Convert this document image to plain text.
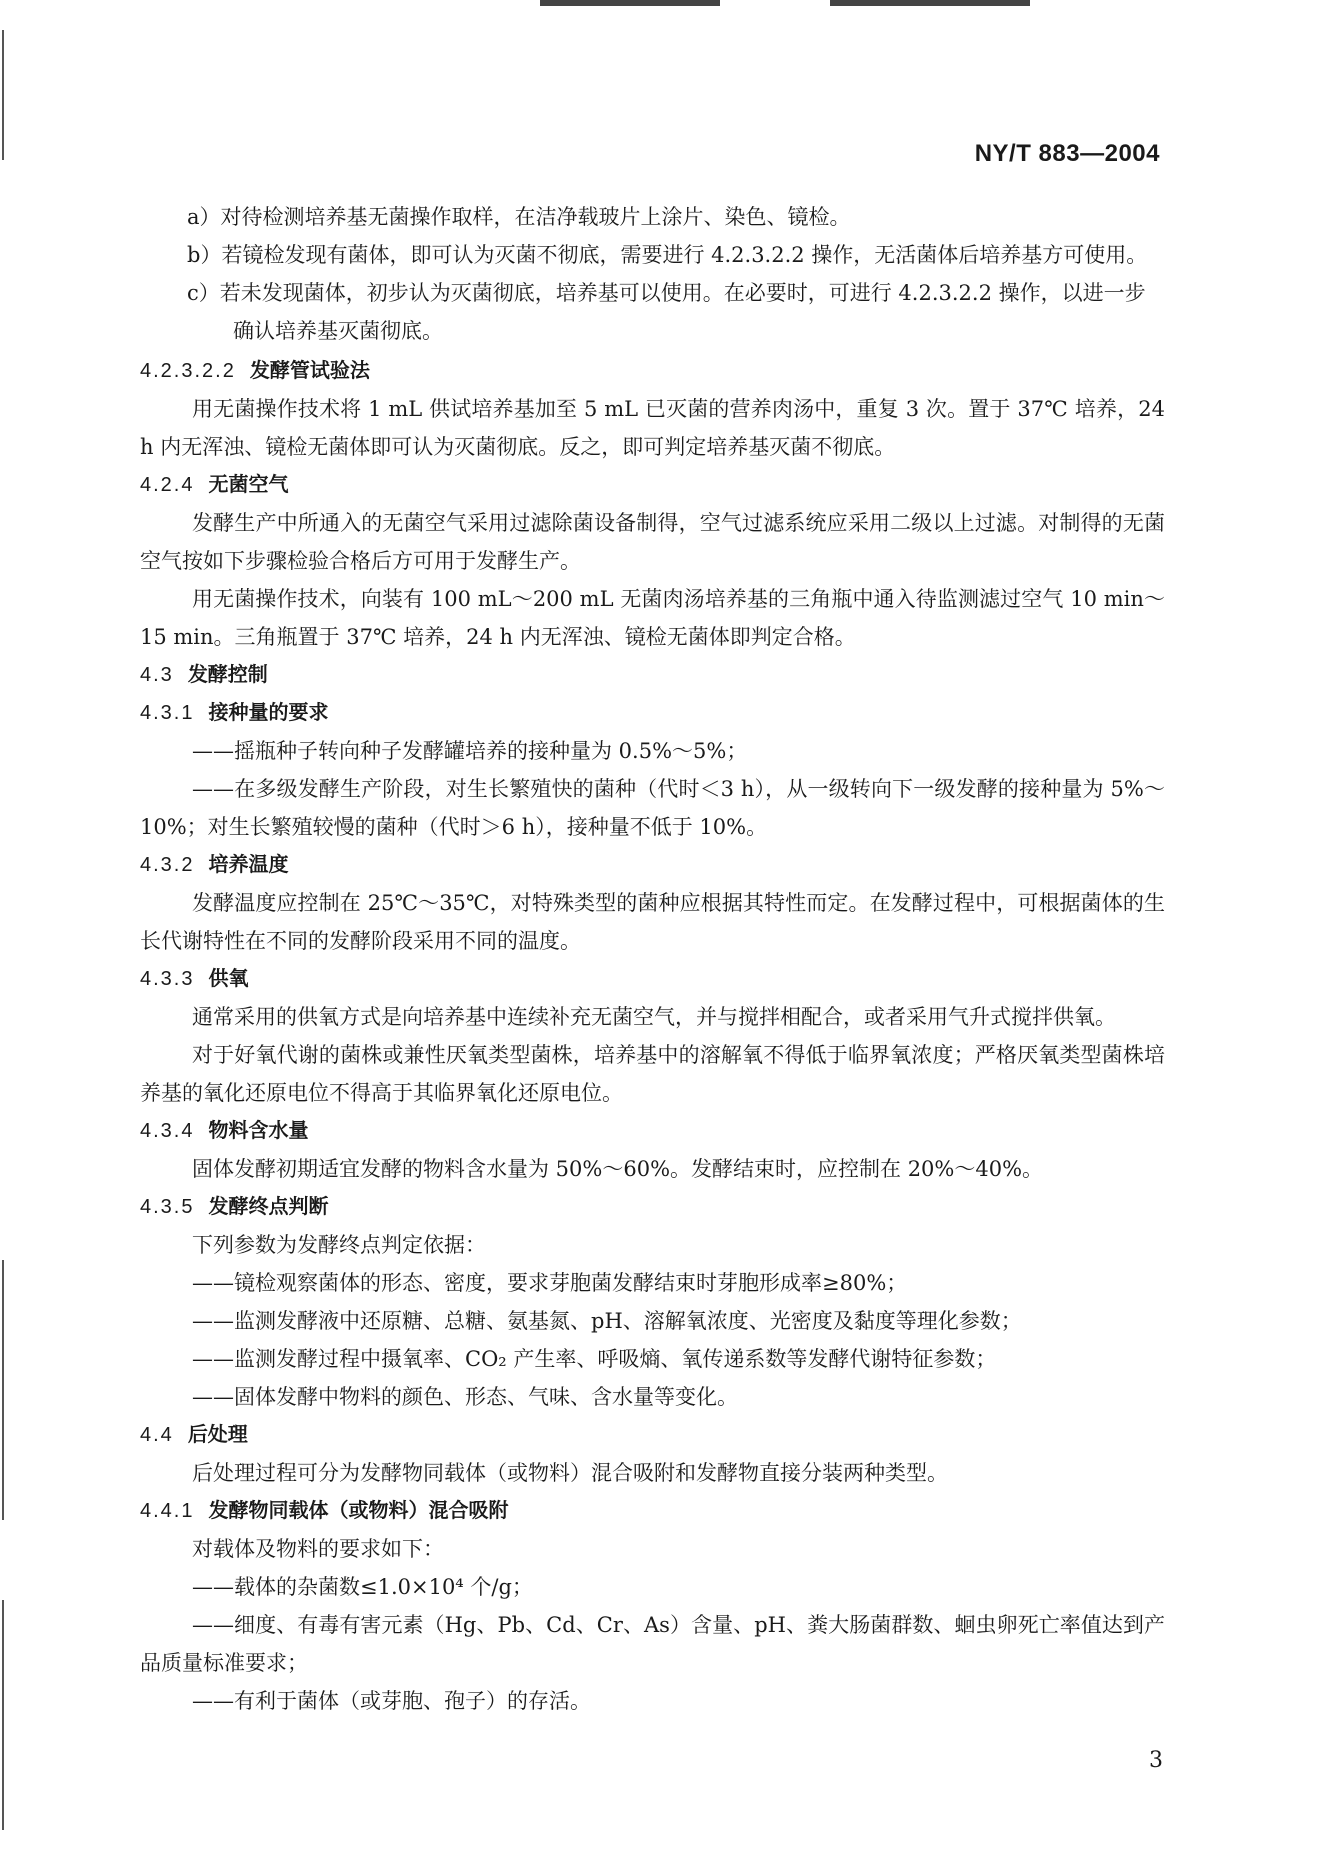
NY/T 883—2004
a）对待检测培养基无菌操作取样，在洁净载玻片上涂片、染色、镜检。
b）若镜检发现有菌体，即可认为灭菌不彻底，需要进行 4.2.3.2.2 操作，无活菌体后培养基方可使用。
c）若未发现菌体，初步认为灭菌彻底，培养基可以使用。在必要时，可进行 4.2.3.2.2 操作，以进一步确认培养基灭菌彻底。
4.2.3.2.2 发酵管试验法
用无菌操作技术将 1 mL 供试培养基加至 5 mL 已灭菌的营养肉汤中，重复 3 次。置于 37℃ 培养，24 h 内无浑浊、镜检无菌体即可认为灭菌彻底。反之，即可判定培养基灭菌不彻底。
4.2.4 无菌空气
发酵生产中所通入的无菌空气采用过滤除菌设备制得，空气过滤系统应采用二级以上过滤。对制得的无菌空气按如下步骤检验合格后方可用于发酵生产。
用无菌操作技术，向装有 100 mL～200 mL 无菌肉汤培养基的三角瓶中通入待监测滤过空气 10 min～15 min。三角瓶置于 37℃ 培养，24 h 内无浑浊、镜检无菌体即判定合格。
4.3 发酵控制
4.3.1 接种量的要求
——摇瓶种子转向种子发酵罐培养的接种量为 0.5%～5%；
——在多级发酵生产阶段，对生长繁殖快的菌种（代时＜3 h），从一级转向下一级发酵的接种量为 5%～10%；对生长繁殖较慢的菌种（代时＞6 h），接种量不低于 10%。
4.3.2 培养温度
发酵温度应控制在 25℃～35℃，对特殊类型的菌种应根据其特性而定。在发酵过程中，可根据菌体的生长代谢特性在不同的发酵阶段采用不同的温度。
4.3.3 供氧
通常采用的供氧方式是向培养基中连续补充无菌空气，并与搅拌相配合，或者采用气升式搅拌供氧。
对于好氧代谢的菌株或兼性厌氧类型菌株，培养基中的溶解氧不得低于临界氧浓度；严格厌氧类型菌株培养基的氧化还原电位不得高于其临界氧化还原电位。
4.3.4 物料含水量
固体发酵初期适宜发酵的物料含水量为 50%～60%。发酵结束时，应控制在 20%～40%。
4.3.5 发酵终点判断
下列参数为发酵终点判定依据：
——镜检观察菌体的形态、密度，要求芽胞菌发酵结束时芽胞形成率≥80%；
——监测发酵液中还原糖、总糖、氨基氮、pH、溶解氧浓度、光密度及黏度等理化参数；
——监测发酵过程中摄氧率、CO₂ 产生率、呼吸熵、氧传递系数等发酵代谢特征参数；
——固体发酵中物料的颜色、形态、气味、含水量等变化。
4.4 后处理
后处理过程可分为发酵物同载体（或物料）混合吸附和发酵物直接分装两种类型。
4.4.1 发酵物同载体（或物料）混合吸附
对载体及物料的要求如下：
——载体的杂菌数≤1.0×10⁴ 个/g；
——细度、有毒有害元素（Hg、Pb、Cd、Cr、As）含量、pH、粪大肠菌群数、蛔虫卵死亡率值达到产品质量标准要求；
——有利于菌体（或芽胞、孢子）的存活。
3
